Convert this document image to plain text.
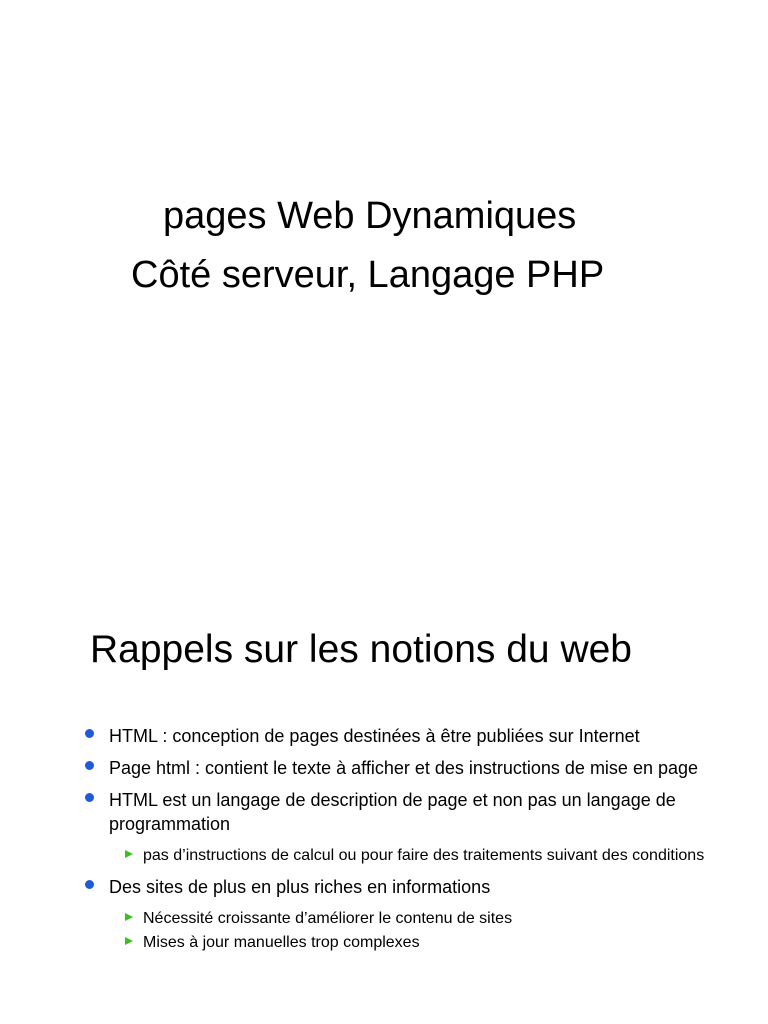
pages Web Dynamiques
Côté serveur, Langage PHP
Rappels sur les notions du web
HTML : conception de pages destinées à être publiées sur Internet
Page html : contient le texte à afficher et des instructions de mise en page
HTML est un langage de description de page et non pas un langage de programmation
pas d’instructions de calcul ou pour faire des traitements suivant des conditions
Des sites de plus en plus riches en informations
Nécessité croissante d’améliorer le contenu de sites
Mises à jour manuelles trop complexes
